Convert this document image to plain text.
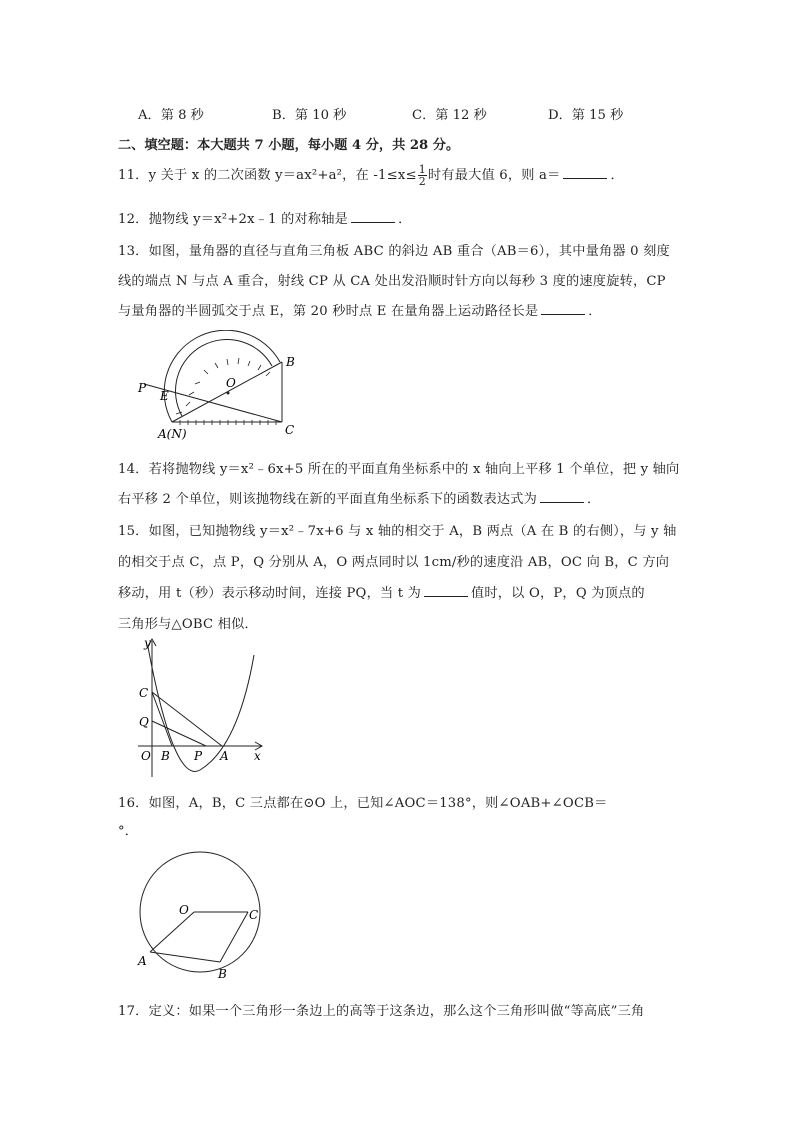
A．第 8 秒	B．第 10 秒	C．第 12 秒	D．第 15 秒
二、填空题：本大题共 7 小题，每小题 4 分，共 28 分。
11．y 关于 x 的二次函数 y＝ax²+a²，在 $-1\le x\le \frac{1}{2}$ 时有最大值 6，则 a＝	．
12．抛物线 y＝x²+2x﹣1 的对称轴是	．
13．如图，量角器的直径与直角三角板 ABC 的斜边 AB 重合（AB＝6），其中量角器 0 刻度
线的端点 N 与点 A 重合，射线 CP 从 CA 处出发沿顺时针方向以每秒 3 度的速度旋转，CP
与量角器的半圆弧交于点 E，第 20 秒时点 E 在量角器上运动路径长是	．
B
O
P
E
A(N)	C
14．若将抛物线 y＝x²﹣6x+5 所在的平面直角坐标系中的 x 轴向上平移 1 个单位，把 y 轴向
右平移 2 个单位，则该抛物线在新的平面直角坐标系下的函数表达式为	．
15．如图，已知抛物线 y＝x²﹣7x+6 与 x 轴的相交于 A，B 两点（A 在 B 的右侧），与 y 轴
的相交于点 C，点 P，Q 分别从 A，O 两点同时以 1cm/秒的速度沿 AB，OC 向 B，C 方向
移动，用 t（秒）表示移动时间，连接 PQ，当 t 为	值时，以 O，P，Q 为顶点的
三角形与△OBC 相似．
y
C
Q
O B P A x
16．如图，A，B，C 三点都在⊙O 上，已知∠AOC＝138°，则∠OAB+∠OCB＝
°．
O	C
A
B
17．定义：如果一个三角形一条边上的高等于这条边，那么这个三角形叫做“等高底”三角
